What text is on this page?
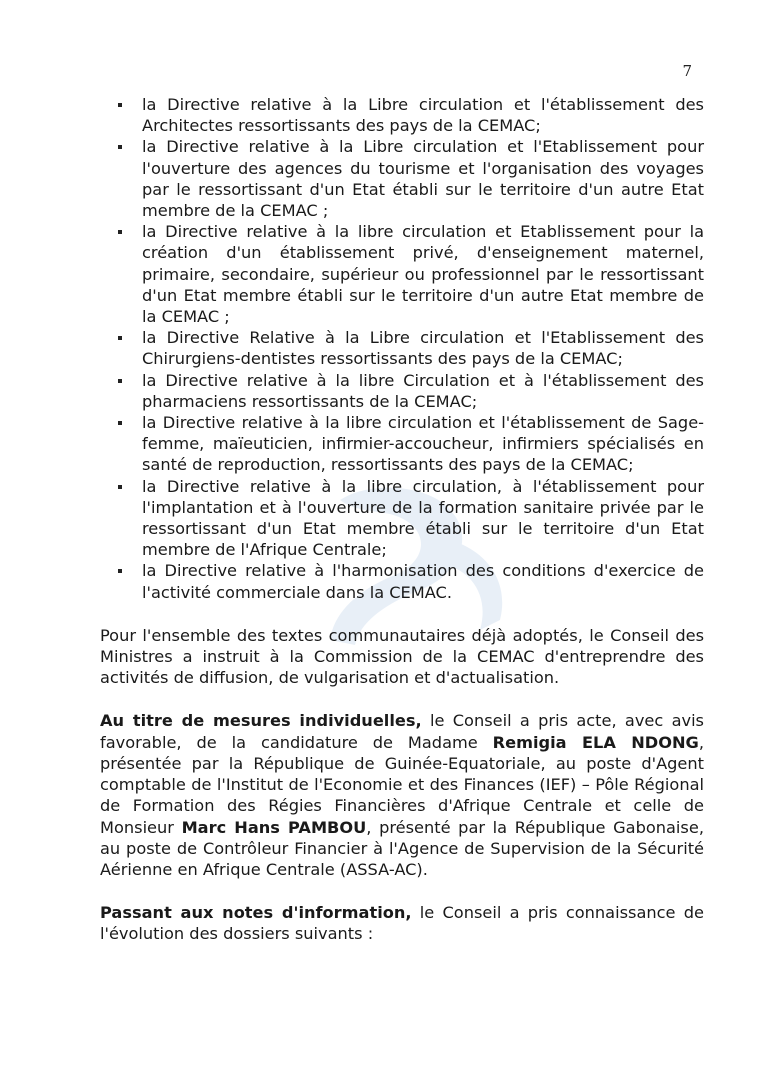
7
la Directive relative à la Libre circulation et l'établissement des Architectes ressortissants des pays de la CEMAC;
la Directive relative à la Libre circulation et l'Etablissement pour l'ouverture des agences du tourisme et l'organisation des voyages par le ressortissant d'un Etat établi sur le territoire d'un autre Etat membre de la CEMAC ;
la Directive relative à la libre circulation et Etablissement pour la création d'un établissement privé, d'enseignement maternel, primaire, secondaire, supérieur ou professionnel par le ressortissant d'un Etat membre établi sur le territoire d'un autre Etat membre de la CEMAC ;
la Directive Relative à la Libre circulation et l'Etablissement des Chirurgiens-dentistes ressortissants des pays de la CEMAC;
la Directive relative à la libre Circulation et à l'établissement des pharmaciens ressortissants de la CEMAC;
la Directive relative à la libre circulation et l'établissement de Sage-femme, maïeuticien, infirmier-accoucheur, infirmiers spécialisés en santé de reproduction, ressortissants des pays de la CEMAC;
la Directive relative à la libre circulation, à l'établissement pour l'implantation et à l'ouverture de la formation sanitaire privée par le ressortissant d'un Etat membre établi sur le territoire d'un Etat membre de l'Afrique Centrale;
la Directive relative à l'harmonisation des conditions d'exercice de l'activité commerciale dans la CEMAC.

Pour l'ensemble des textes communautaires déjà adoptés, le Conseil des Ministres a instruit à la Commission de la CEMAC d'entreprendre des activités de diffusion, de vulgarisation et d'actualisation.

Au titre de mesures individuelles, le Conseil a pris acte, avec avis favorable, de la candidature de Madame Remigia ELA NDONG, présentée par la République de Guinée-Equatoriale, au poste d'Agent comptable de l'Institut de l'Economie et des Finances (IEF) – Pôle Régional de Formation des Régies Financières d'Afrique Centrale et celle de Monsieur Marc Hans PAMBOU, présenté par la République Gabonaise, au poste de Contrôleur Financier à l'Agence de Supervision de la Sécurité Aérienne en Afrique Centrale (ASSA-AC).

Passant aux notes d'information, le Conseil a pris connaissance de l'évolution des dossiers suivants :
